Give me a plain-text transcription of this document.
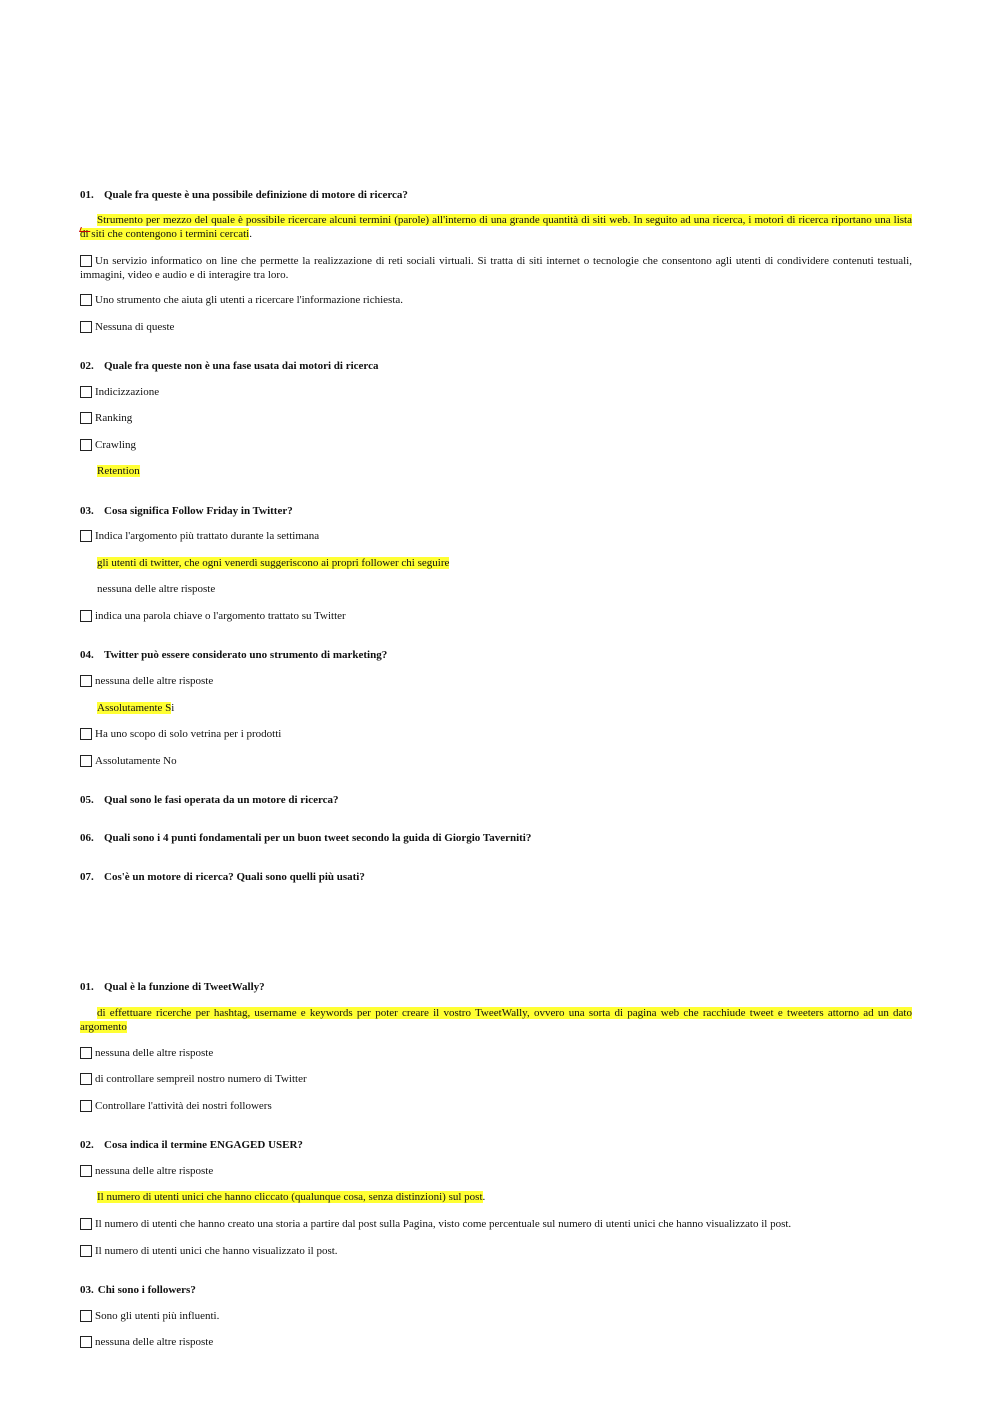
01. Quale fra queste è una possibile definizione di motore di ricerca?
Strumento per mezzo del quale è possibile ricercare alcuni termini (parole) all'interno di una grande quantità di siti web. In seguito ad una ricerca, i motori di ricerca riportano una lista di siti che contengono i termini cercati.
Un servizio informatico on line che permette la realizzazione di reti sociali virtuali. Si tratta di siti internet o tecnologie che consentono agli utenti di condividere contenuti testuali, immagini, video e audio e di interagire tra loro.
Uno strumento che aiuta gli utenti a ricercare l'informazione richiesta.
Nessuna di queste
02. Quale fra queste non è una fase usata dai motori di ricerca
Indicizzazione
Ranking
Crawling
Retention
03. Cosa significa Follow Friday in Twitter?
Indica l'argomento più trattato durante la settimana
gli utenti di twitter, che ogni venerdì suggeriscono ai propri follower chi seguire
nessuna delle altre risposte
indica una parola chiave o l'argomento trattato su Twitter
04. Twitter può essere considerato uno strumento di marketing?
nessuna delle altre risposte
Assolutamente Si
Ha uno scopo di solo vetrina per i prodotti
Assolutamente No
05. Qual sono le fasi operata da un motore di ricerca?
06. Quali sono i 4 punti fondamentali per un buon tweet secondo la guida di Giorgio Taverniti?
07. Cos'è un motore di ricerca? Quali sono quelli più usati?
01. Qual è la funzione di TweetWally?
di effettuare ricerche per hashtag, username e keywords per poter creare il vostro TweetWally, ovvero una sorta di pagina web che racchiude tweet e tweeters attorno ad un dato argomento
nessuna delle altre risposte
di controllare sempreil nostro numero di Twitter
Controllare l'attività dei nostri followers
02. Cosa indica il termine ENGAGED USER?
nessuna delle altre risposte
Il numero di utenti unici che hanno cliccato (qualunque cosa, senza distinzioni) sul post.
Il numero di utenti che hanno creato una storia a partire dal post sulla Pagina, visto come percentuale sul numero di utenti unici che hanno visualizzato il post.
Il numero di utenti unici che hanno visualizzato il post.
03. Chi sono i followers?
Sono gli utenti più influenti.
nessuna delle altre risposte
